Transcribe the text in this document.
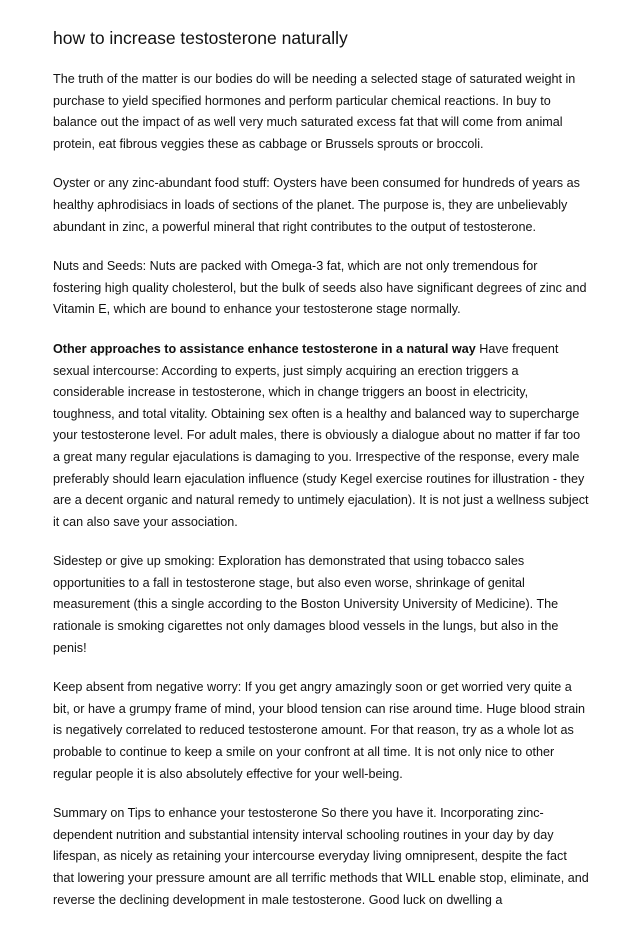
how to increase testosterone naturally

The truth of the matter is our bodies do will be needing a selected stage of saturated weight in purchase to yield specified hormones and perform particular chemical reactions. In buy to balance out the impact of as well very much saturated excess fat that will come from animal protein, eat fibrous veggies these as cabbage or Brussels sprouts or broccoli.

Oyster or any zinc-abundant food stuff: Oysters have been consumed for hundreds of years as healthy aphrodisiacs in loads of sections of the planet. The purpose is, they are unbelievably abundant in zinc, a powerful mineral that right contributes to the output of testosterone.

Nuts and Seeds: Nuts are packed with Omega-3 fat, which are not only tremendous for fostering high quality cholesterol, but the bulk of seeds also have significant degrees of zinc and Vitamin E, which are bound to enhance your testosterone stage normally.

Other approaches to assistance enhance testosterone in a natural way Have frequent sexual intercourse: According to experts, just simply acquiring an erection triggers a considerable increase in testosterone, which in change triggers an boost in electricity, toughness, and total vitality. Obtaining sex often is a healthy and balanced way to supercharge your testosterone level. For adult males, there is obviously a dialogue about no matter if far too a great many regular ejaculations is damaging to you. Irrespective of the response, every male preferably should learn ejaculation influence (study Kegel exercise routines for illustration - they are a decent organic and natural remedy to untimely ejaculation). It is not just a wellness subject it can also save your association.

Sidestep or give up smoking: Exploration has demonstrated that using tobacco sales opportunities to a fall in testosterone stage, but also even worse, shrinkage of genital measurement (this a single according to the Boston University University of Medicine). The rationale is smoking cigarettes not only damages blood vessels in the lungs, but also in the penis!

Keep absent from negative worry: If you get angry amazingly soon or get worried very quite a bit, or have a grumpy frame of mind, your blood tension can rise around time. Huge blood strain is negatively correlated to reduced testosterone amount. For that reason, try as a whole lot as probable to continue to keep a smile on your confront at all time. It is not only nice to other regular people it is also absolutely effective for your well-being.

Summary on Tips to enhance your testosterone So there you have it. Incorporating zinc-dependent nutrition and substantial intensity interval schooling routines in your day by day lifespan, as nicely as retaining your intercourse everyday living omnipresent, despite the fact that lowering your pressure amount are all terrific methods that WILL enable stop, eliminate, and reverse the declining development in male testosterone. Good luck on dwelling a
